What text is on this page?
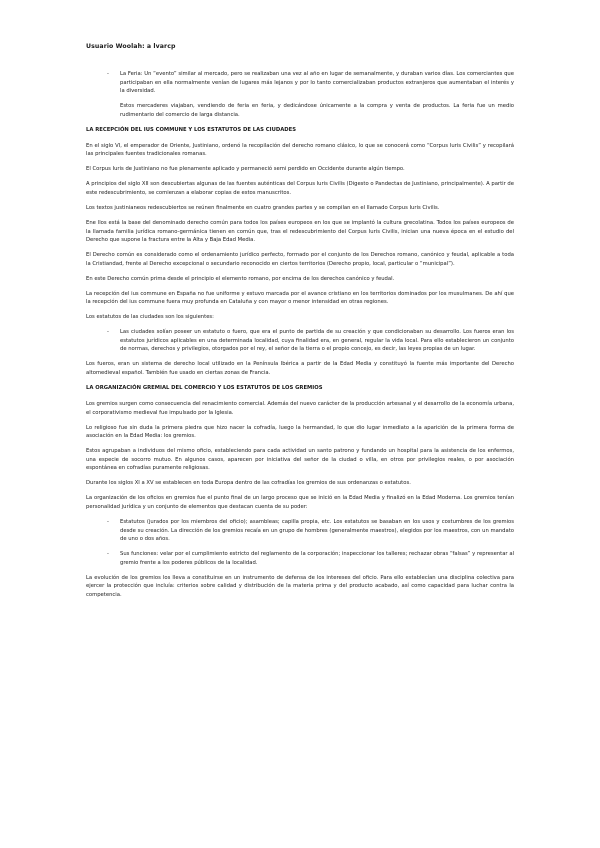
Usuario Woolah: a lvarcp
- La Feria: Un “evento” similar al mercado, pero se realizaban una vez al año en lugar de semanalmente, y duraban varios días. Los comerciantes que participaban en ella normalmente venían de lugares más lejanos y por lo tanto comercializaban productos extranjeros que aumentaban el interés y la diversidad.

Estos mercaderes viajaban, vendiendo de feria en feria, y dedicándose únicamente a la compra y venta de productos. La feria fue un medio rudimentario del comercio de larga distancia.

LA RECEPCIÓN DEL IUS COMMUNE Y LOS ESTATUTOS DE LAS CIUDADES

En el siglo VI, el emperador de Oriente, Justiniano, ordenó la recopilación del derecho romano clásico, lo que se conocerá como “Corpus Iuris Civilis” y recopilará las principales fuentes tradicionales romanas.

El Corpus Iuris de Justiniano no fue plenamente aplicado y permaneció semi perdido en Occidente durante algún tiempo.

A principios del siglo XII son descubiertas algunas de las fuentes auténticas del Corpus Iuris Civilis (Digesto o Pandectas de Justiniano, principalmente). A partir de este redescubrimiento, se comienzan a elaborar copias de estos manuscritos.

Los textos justinianeos redescubiertos se reúnen finalmente en cuatro grandes partes y se compilan en el llamado Corpus Iuris Civilis.

Ene llos está la base del denominado derecho común para todos los países europeos en los que se implantó la cultura grecolatina. Todos los países europeos de la llamada familia jurídica romano-germánica tienen en común que, tras el redescubrimiento del Corpus Iuris Civilis, inician una nueva época en el estudio del Derecho que supone la fractura entre la Alta y Baja Edad Media.

El Derecho común es considerado como el ordenamiento jurídico perfecto, formado por el conjunto de los Derechos romano, canónico y feudal, aplicable a toda la Cristiandad, frente al Derecho excepcional o secundario reconocido en ciertos territorios (Derecho propio, local, particular o “municipal”).

En este Derecho común prima desde el principio el elemento romano, por encima de los derechos canónico y feudal.

La recepción del ius commune en España no fue uniforme y estuvo marcada por el avance cristiano en los territorios dominados por los musulmanes. De ahí que la recepción del ius commune fuera muy profunda en Cataluña y con mayor o menor intensidad en otras regiones.

Los estatutos de las ciudades son los siguientes:

- Las ciudades solían poseer un estatuto o fuero, que era el punto de partida de su creación y que condicionaban su desarrollo. Los fueros eran los estatutos jurídicos aplicables en una determinada localidad, cuya finalidad era, en general, regular la vida local. Para ello establecieron un conjunto de normas, derechos y privilegios, otorgados por el rey, el señor de la tierra o el propio concejo, es decir, las leyes propias de un lugar.

Los fueros, eran un sistema de derecho local utilizado en la Península Ibérica a partir de la Edad Media y constituyó la fuente más importante del Derecho altomedieval español. También fue usado en ciertas zonas de Francia.

LA ORGANIZACIÓN GREMIAL DEL COMERCIO Y LOS ESTATUTOS DE LOS GREMIOS

Los gremios surgen como consecuencia del renacimiento comercial. Además del nuevo carácter de la producción artesanal y el desarrollo de la economía urbana, el corporativismo medieval fue impulsado por la Iglesia.

Lo religioso fue sin duda la primera piedra que hizo nacer la cofradía, luego la hermandad, lo que dio lugar inmediato a la aparición de la primera forma de asociación en la Edad Media: los gremios.

Estos agrupaban a individuos del mismo oficio, estableciendo para cada actividad un santo patrono y fundando un hospital para la asistencia de los enfermos, una especie de socorro mutuo. En algunos casos, aparecen por iniciativa del señor de la ciudad o villa, en otros por privilegios reales, o por asociación espontánea en cofradías puramente religiosas.

Durante los siglos XI a XV se establecen en toda Europa dentro de las cofradías los gremios de sus ordenanzas o estatutos.

La organización de los oficios en gremios fue el punto final de un largo proceso que se inició en la Edad Media y finalizó en la Edad Moderna. Los gremios tenían personalidad jurídica y un conjunto de elementos que destacan cuenta de su poder:

- Estatutos (jurados por los miembros del oficio); asambleas; capilla propia, etc. Los estatutos se basaban en los usos y costumbres de los gremios desde su creación. La dirección de los gremios recaía en un grupo de hombres (generalmente maestros), elegidos por los maestros, con un mandato de uno o dos años.
- Sus funciones: velar por el cumplimiento estricto del reglamento de la corporación; inspeccionar los talleres; rechazar obras “falsas” y representar al gremio frente a los poderes públicos de la localidad.

La evolución de los gremios los lleva a constituirse en un instrumento de defensa de los intereses del oficio. Para ello establecían una disciplina colectiva para ejercer la protección que incluía: criterios sobre calidad y distribución de la materia prima y del producto acabado, así como capacidad para luchar contra la competencia.
